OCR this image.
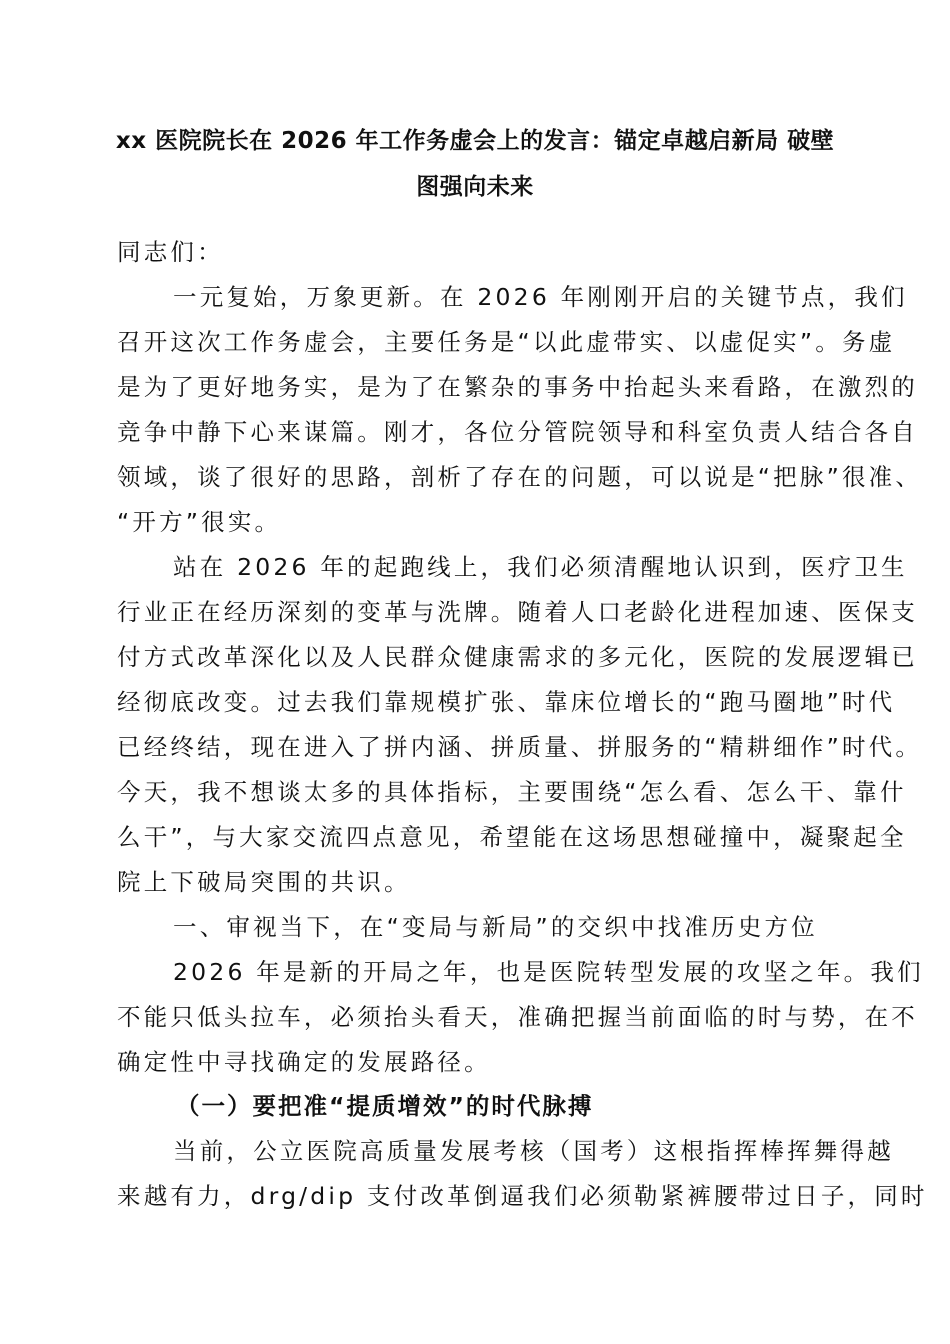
xx 医院院长在 2026 年工作务虚会上的发言：锚定卓越启新局 破壁
图强向未来
同志们：
一元复始，万象更新。在 2026 年刚刚开启的关键节点，我们
召开这次工作务虚会，主要任务是“以此虚带实、以虚促实”。务虚
是为了更好地务实，是为了在繁杂的事务中抬起头来看路，在激烈的
竞争中静下心来谋篇。刚才，各位分管院领导和科室负责人结合各自
领域，谈了很好的思路，剖析了存在的问题，可以说是“把脉”很准、
“开方”很实。
站在 2026 年的起跑线上，我们必须清醒地认识到，医疗卫生
行业正在经历深刻的变革与洗牌。随着人口老龄化进程加速、医保支
付方式改革深化以及人民群众健康需求的多元化，医院的发展逻辑已
经彻底改变。过去我们靠规模扩张、靠床位增长的“跑马圈地”时代
已经终结，现在进入了拼内涵、拼质量、拼服务的“精耕细作”时代。
今天，我不想谈太多的具体指标，主要围绕“怎么看、怎么干、靠什
么干”，与大家交流四点意见，希望能在这场思想碰撞中，凝聚起全
院上下破局突围的共识。
一、审视当下，在“变局与新局”的交织中找准历史方位
2026 年是新的开局之年，也是医院转型发展的攻坚之年。我们
不能只低头拉车，必须抬头看天，准确把握当前面临的时与势，在不
确定性中寻找确定的发展路径。
（一）要把准“提质增效”的时代脉搏
当前，公立医院高质量发展考核（国考）这根指挥棒挥舞得越
来越有力，drg/dip 支付改革倒逼我们必须勒紧裤腰带过日子，同时
